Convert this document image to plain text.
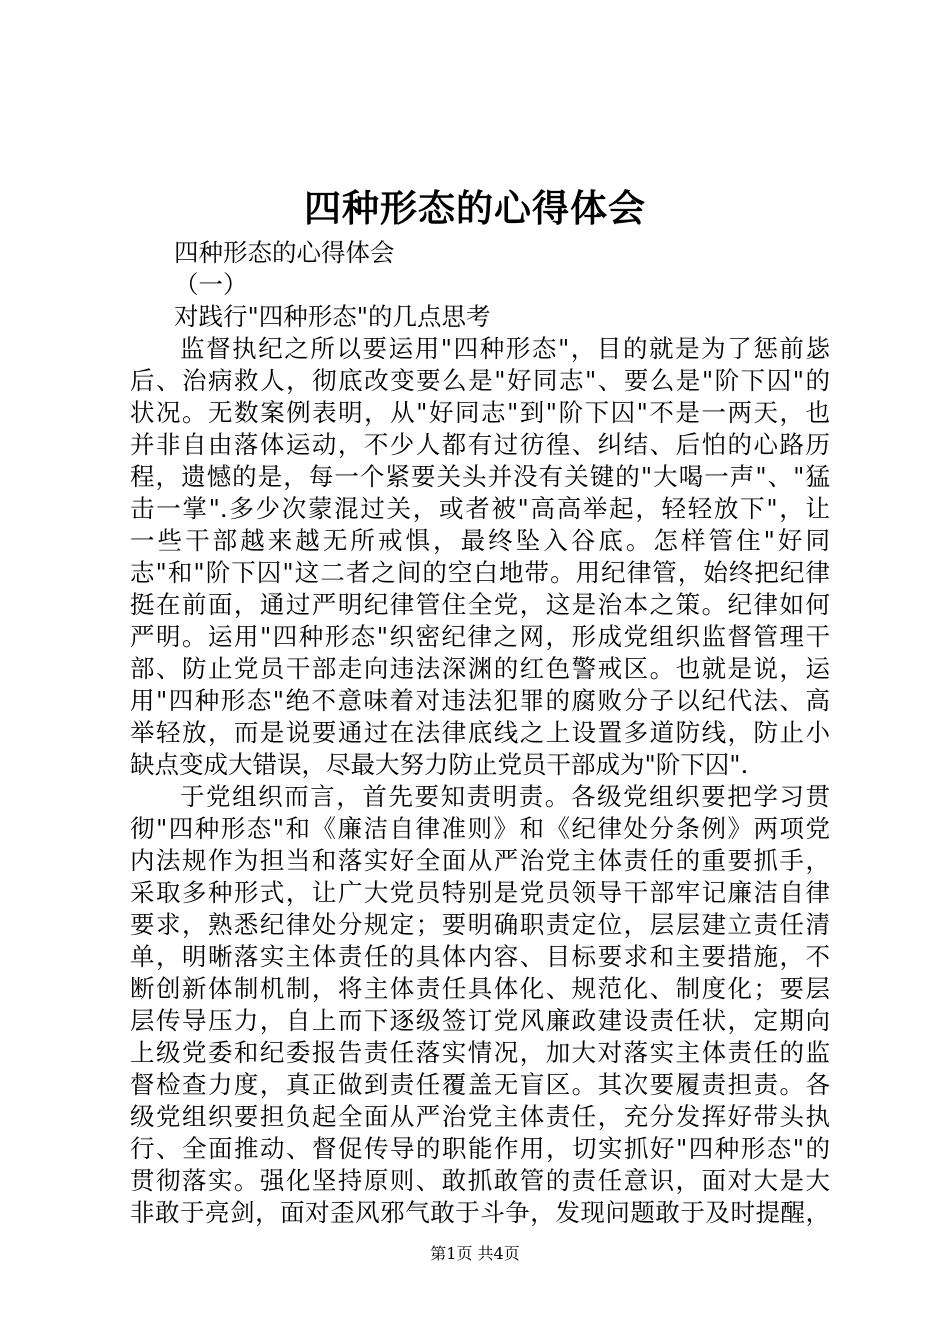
四种形态的心得体会
四种形态的心得体会
（一）
对践行"四种形态"的几点思考
监督执纪之所以要运用"四种形态"，目的就是为了惩前毖
后、治病救人，彻底改变要么是"好同志"、要么是"阶下囚"的
状况。无数案例表明，从"好同志"到"阶下囚"不是一两天，也
并非自由落体运动，不少人都有过彷徨、纠结、后怕的心路历
程，遗憾的是，每一个紧要关头并没有关键的"大喝一声"、"猛
击一掌".多少次蒙混过关，或者被"高高举起，轻轻放下"，让
一些干部越来越无所戒惧，最终坠入谷底。怎样管住"好同
志"和"阶下囚"这二者之间的空白地带。用纪律管，始终把纪律
挺在前面，通过严明纪律管住全党，这是治本之策。纪律如何
严明。运用"四种形态"织密纪律之网，形成党组织监督管理干
部、防止党员干部走向违法深渊的红色警戒区。也就是说，运
用"四种形态"绝不意味着对违法犯罪的腐败分子以纪代法、高
举轻放，而是说要通过在法律底线之上设置多道防线，防止小
缺点变成大错误，尽最大努力防止党员干部成为"阶下囚".
于党组织而言，首先要知责明责。各级党组织要把学习贯
彻"四种形态"和《廉洁自律准则》和《纪律处分条例》两项党
内法规作为担当和落实好全面从严治党主体责任的重要抓手，
采取多种形式，让广大党员特别是党员领导干部牢记廉洁自律
要求，熟悉纪律处分规定；要明确职责定位，层层建立责任清
单，明晰落实主体责任的具体内容、目标要求和主要措施，不
断创新体制机制，将主体责任具体化、规范化、制度化；要层
层传导压力，自上而下逐级签订党风廉政建设责任状，定期向
上级党委和纪委报告责任落实情况，加大对落实主体责任的监
督检查力度，真正做到责任覆盖无盲区。其次要履责担责。各
级党组织要担负起全面从严治党主体责任，充分发挥好带头执
行、全面推动、督促传导的职能作用，切实抓好"四种形态"的
贯彻落实。强化坚持原则、敢抓敢管的责任意识，面对大是大
非敢于亮剑，面对歪风邪气敢于斗争，发现问题敢于及时提醒，
第1页 共4页
